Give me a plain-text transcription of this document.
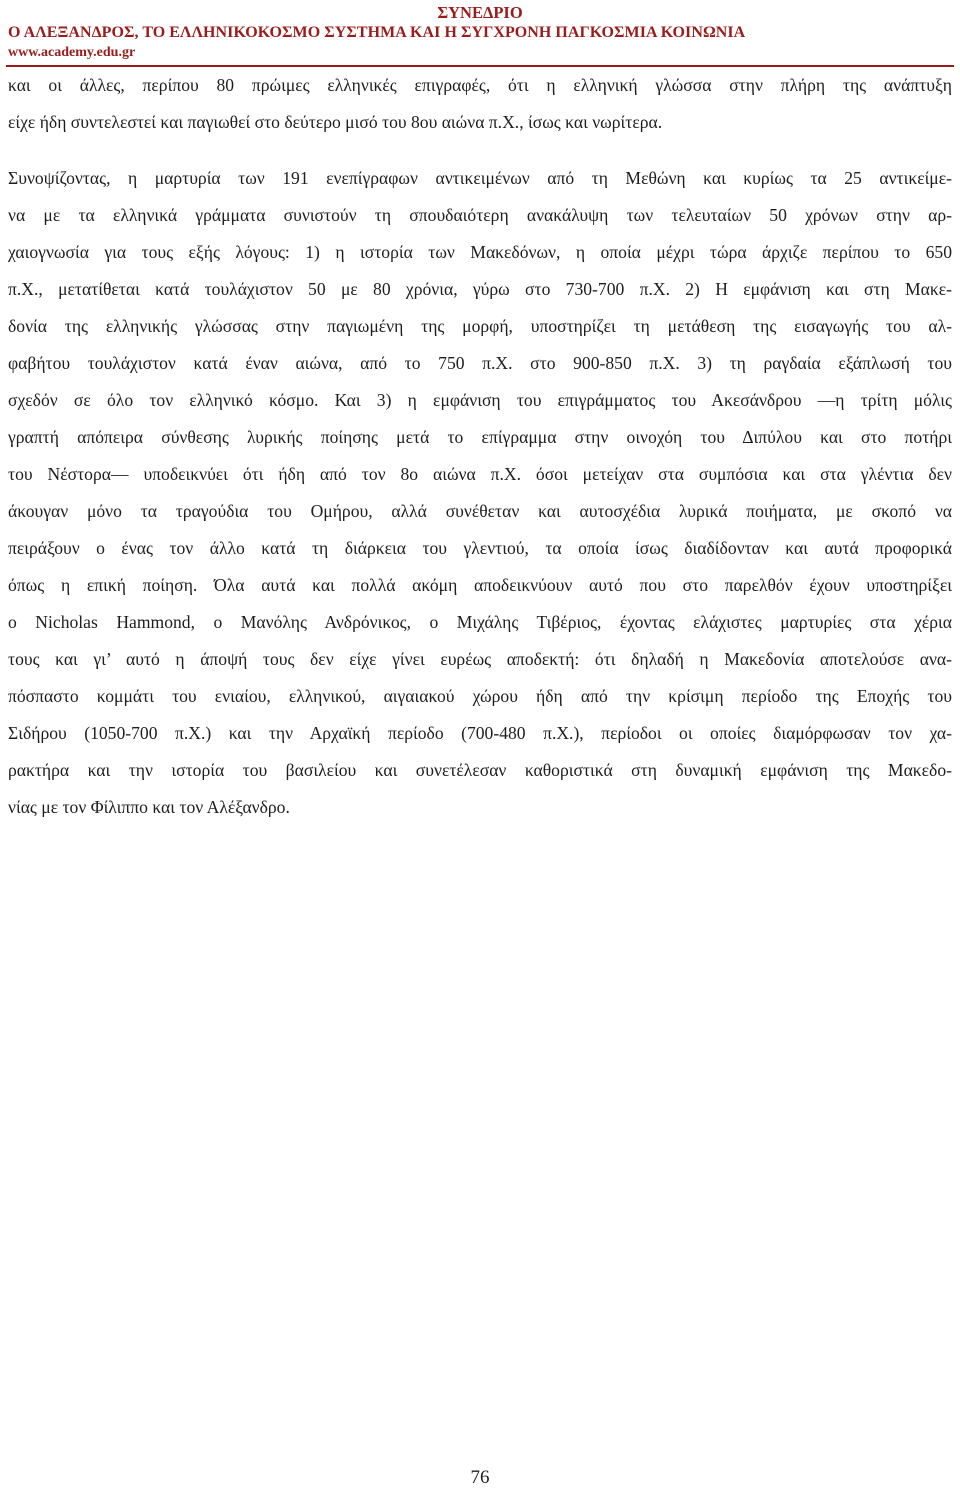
ΣΥΝΕΔΡΙΟ
Ο ΑΛΕΞΑΝΔΡΟΣ, ΤΟ ΕΛΛΗΝΙΚΟΚΟΣΜΟ ΣΥΣΤΗΜΑ ΚΑΙ Η ΣΥΓΧΡΟΝΗ ΠΑΓΚΟΣΜΙΑ ΚΟΙΝΩΝΙΑ
www.academy.edu.gr
και οι άλλες, περίπου 80 πρώιμες ελληνικές επιγραφές, ότι η ελληνική γλώσσα στην πλήρη της ανάπτυξη
είχε ήδη συντελεστεί και παγιωθεί στο δεύτερο μισό του 8ου αιώνα π.Χ., ίσως και νωρίτερα.
Συνοψίζοντας, η μαρτυρία των 191 ενεπίγραφων αντικειμένων από τη Μεθώνη και κυρίως τα 25 αντικείμε-
να με τα ελληνικά γράμματα συνιστούν τη σπουδαιότερη ανακάλυψη των τελευταίων 50 χρόνων στην αρ-
χαιογνωσία για τους εξής λόγους: 1) η ιστορία των Μακεδόνων, η οποία μέχρι τώρα άρχιζε περίπου το 650
π.Χ., μετατίθεται κατά τουλάχιστον 50 με 80 χρόνια, γύρω στο 730-700 π.Χ. 2) Η εμφάνιση και στη Μακε-
δονία της ελληνικής γλώσσας στην παγιωμένη της μορφή, υποστηρίζει τη μετάθεση της εισαγωγής του αλ-
φαβήτου τουλάχιστον κατά έναν αιώνα, από το 750 π.Χ. στο 900-850 π.Χ. 3) τη ραγδαία εξάπλωσή του
σχεδόν σε όλο τον ελληνικό κόσμο. Και 3) η εμφάνιση του επιγράμματος του Ακεσάνδρου —η τρίτη μόλις
γραπτή απόπειρα σύνθεσης λυρικής ποίησης μετά το επίγραμμα στην οινοχόη του Διπύλου και στο ποτήρι
του Νέστορα— υποδεικνύει ότι ήδη από τον 8ο αιώνα π.Χ. όσοι μετείχαν στα συμπόσια και στα γλέντια δεν
άκουγαν μόνο τα τραγούδια του Ομήρου, αλλά συνέθεταν και αυτοσχέδια λυρικά ποιήματα, με σκοπό να
πειράξουν ο ένας τον άλλο κατά τη διάρκεια του γλεντιού, τα οποία ίσως διαδίδονταν και αυτά προφορικά
όπως η επική ποίηση. Όλα αυτά και πολλά ακόμη αποδεικνύουν αυτό που στο παρελθόν έχουν υποστηρίξει
ο Nicholas Hammond, ο Μανόλης Ανδρόνικος, ο Μιχάλης Τιβέριος, έχοντας ελάχιστες μαρτυρίες στα χέρια
τους και γι’ αυτό η άποψή τους δεν είχε γίνει ευρέως αποδεκτή: ότι δηλαδή η Μακεδονία αποτελούσε ανα-
πόσπαστο κομμάτι του ενιαίου, ελληνικού, αιγαιακού χώρου ήδη από την κρίσιμη περίοδο της Εποχής του
Σιδήρου (1050-700 π.Χ.) και την Αρχαϊκή περίοδο (700-480 π.Χ.), περίοδοι οι οποίες διαμόρφωσαν τον χα-
ρακτήρα και την ιστορία του βασιλείου και συνετέλεσαν καθοριστικά στη δυναμική εμφάνιση της Μακεδο-
νίας με τον Φίλιππο και τον Αλέξανδρο.
76
